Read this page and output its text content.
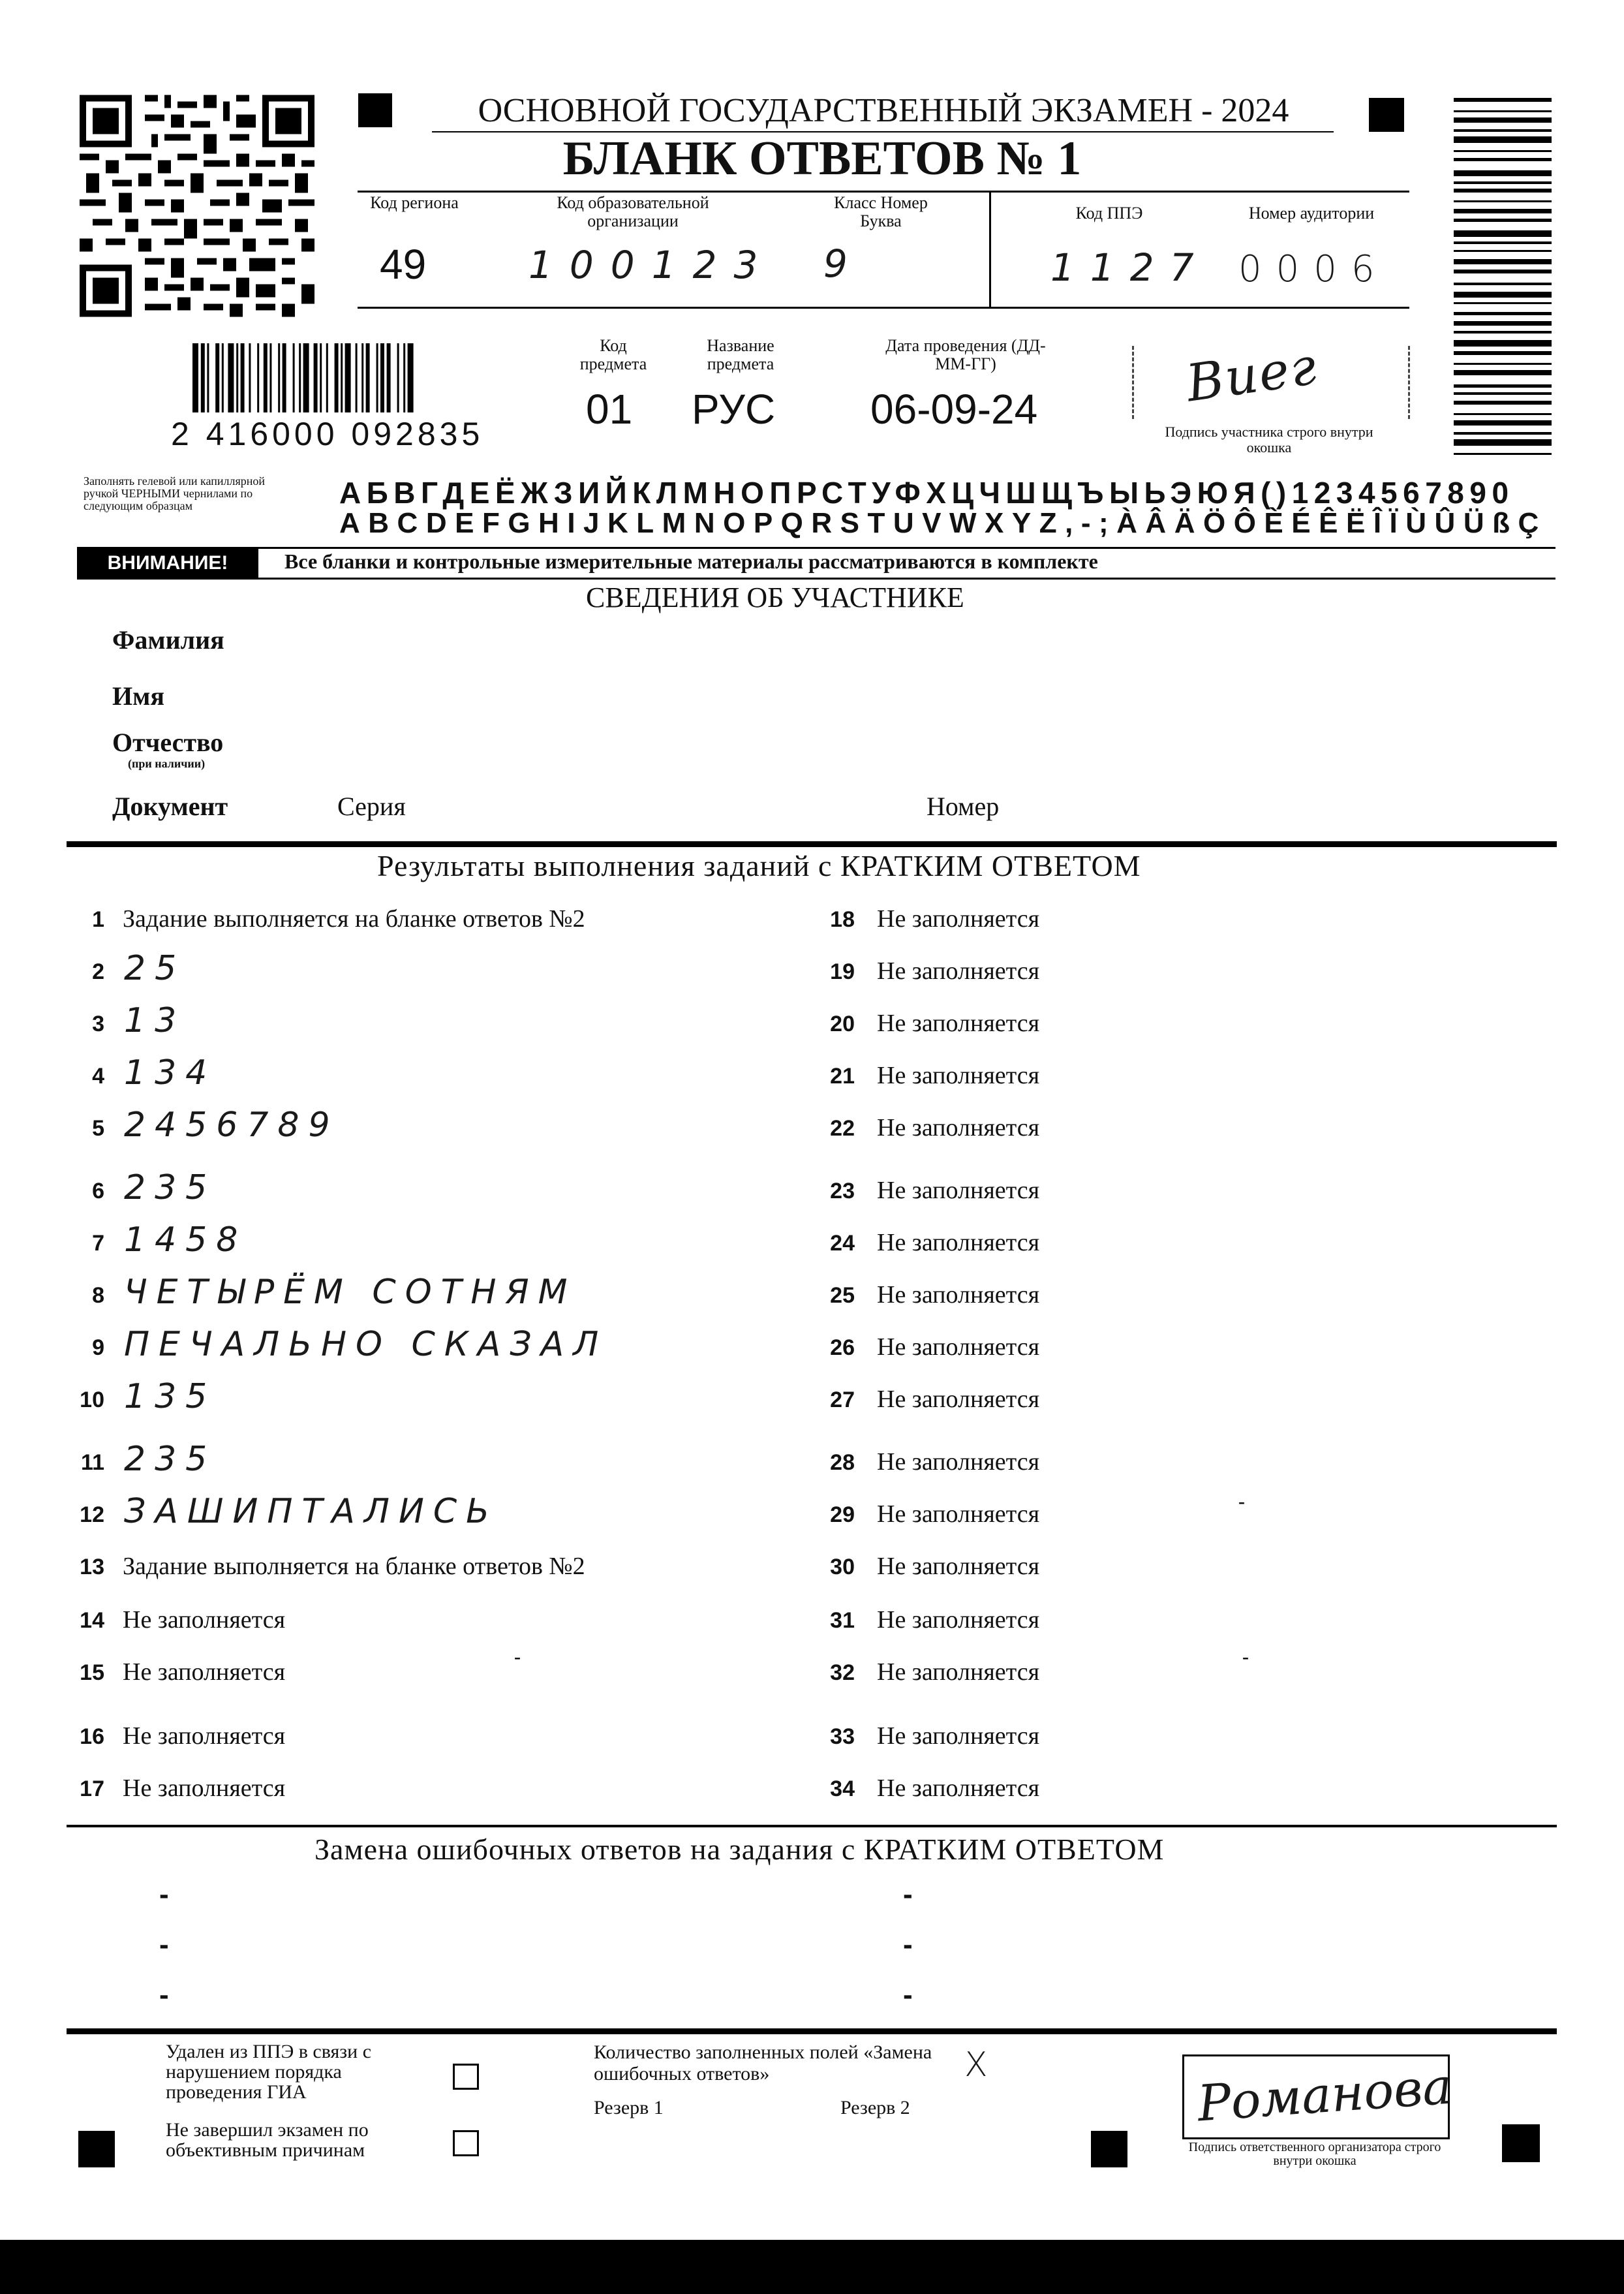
ОСНОВНОЙ ГОСУДАРСТВЕННЫЙ ЭКЗАМЕН - 2024
БЛАНК ОТВЕТОВ № 1
Код региона
49
Код образовательной организации
100123
Класс Номер Буква
9
Код ППЭ
1127
Номер аудитории
0006
2 416000 092835
Код предмета
01
Название предмета
РУС
Дата проведения (ДД-ММ-ГГ)
06-09-24	Виег
Подпись участника строго внутри окошка
Заполнять гелевой или капиллярной ручкой ЧЕРНЫМИ чернилами по следующим образцам	АБВГДЕЁЖЗИЙКЛМНОПРСТУФХЦЧШЩЪЫЬЭЮЯ()1234567890
ABCDEFGHIJKLMNOPQRSTUVWXYZ,-;ÀÂÄÖÔÈÉÊËÎÏÙÛÜßÇ
ВНИМАНИЕ!	Все бланки и контрольные измерительные материалы рассматриваются в комплекте
СВЕДЕНИЯ ОБ УЧАСТНИКЕ
Фамилия
Имя
Отчество
(при наличии)
Документ	Серия	Номер
Результаты выполнения заданий с КРАТКИМ ОТВЕТОМ
1 Задание выполняется на бланке ответов №2
2 25
3 13
4 134
5 2456789
6 235
7 1458
8 ЧЕТЫРЁМ СОТНЯМ
9 ПЕЧАЛЬНО СКАЗАЛ
10 135
11 235
12 ЗАШИПТАЛИСЬ
13 Задание выполняется на бланке ответов №2
14 Не заполняется
15 Не заполняется
16 Не заполняется
17 Не заполняется
18 Не заполняется
19 Не заполняется
20 Не заполняется
21 Не заполняется
22 Не заполняется
23 Не заполняется
24 Не заполняется
25 Не заполняется
26 Не заполняется
27 Не заполняется
28 Не заполняется
29 Не заполняется
30 Не заполняется
31 Не заполняется
32 Не заполняется
33 Не заполняется
34 Не заполняется
-
-	-
Замена ошибочных ответов на задания с КРАТКИМ ОТВЕТОМ
-
-
-
-
-
-
Удален из ППЭ в связи с нарушением порядка проведения ГИА
Не завершил экзамен по объективным причинам
Количество заполненных полей «Замена ошибочных ответов»	X
Резерв 1	Резерв 2	Романова
Подпись ответственного организатора строго внутри окошка
